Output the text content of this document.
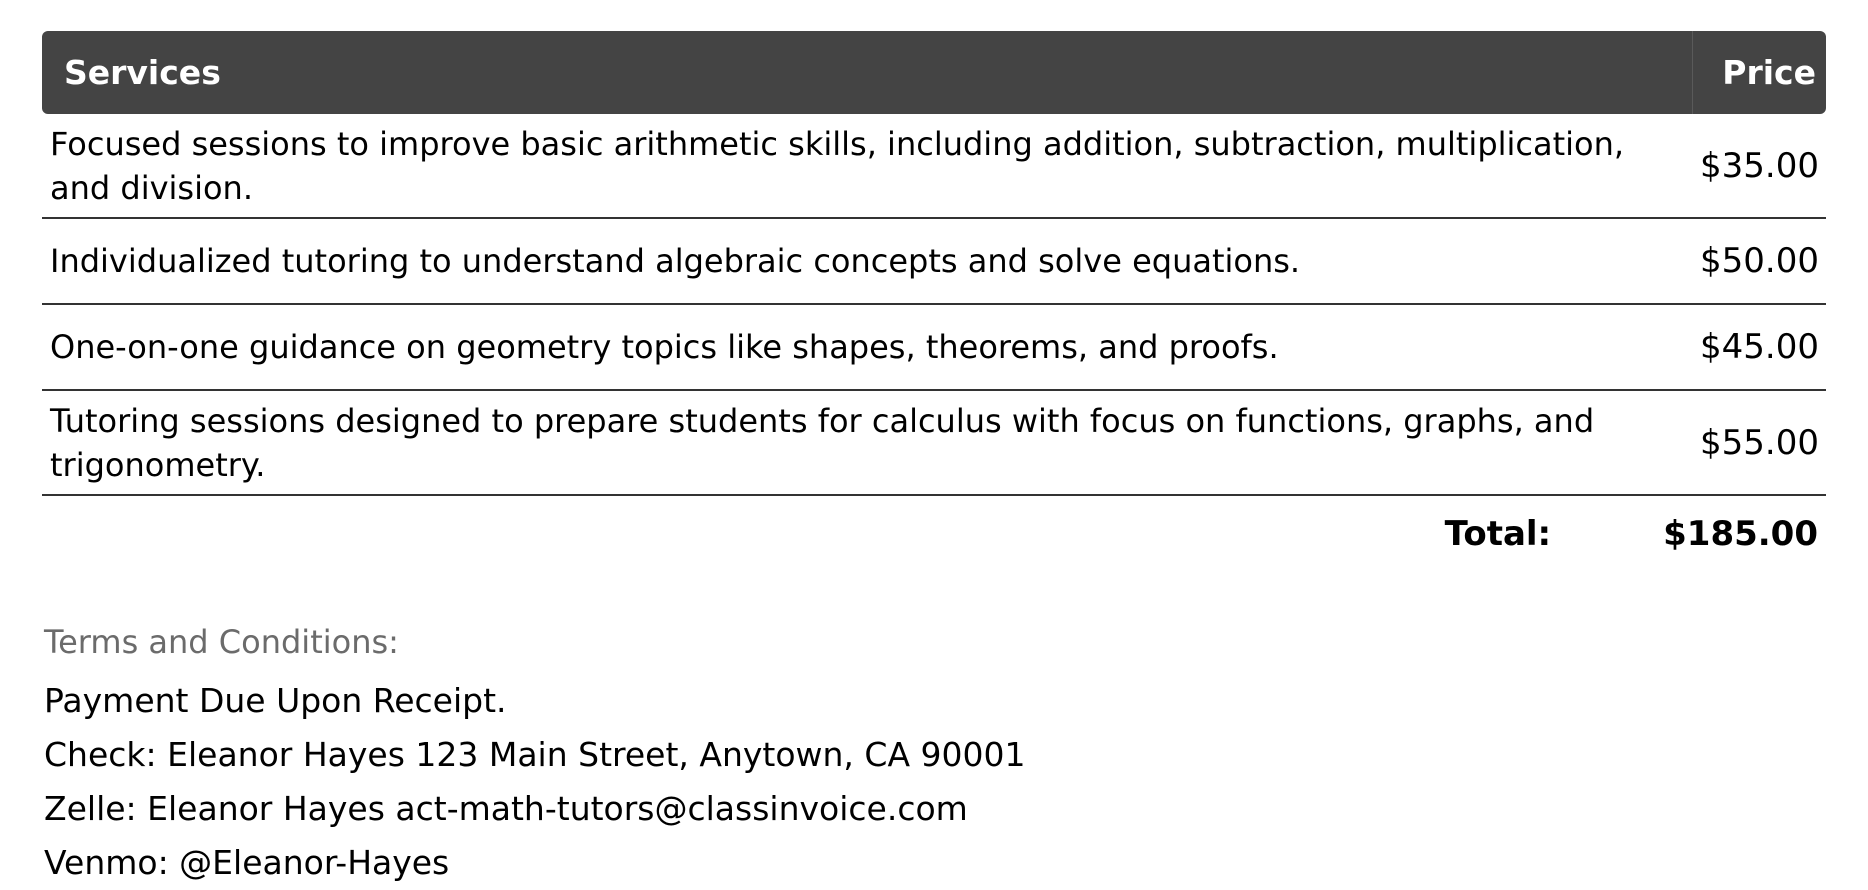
Services	Price
Focused sessions to improve basic arithmetic skills, including addition, subtraction, multiplication, and division.	$35.00
Individualized tutoring to understand algebraic concepts and solve equations.	$50.00
One-on-one guidance on geometry topics like shapes, theorems, and proofs.	$45.00
Tutoring sessions designed to prepare students for calculus with focus on functions, graphs, and trigonometry.	$55.00
Total:	$185.00
Terms and Conditions:
Payment Due Upon Receipt.
Check: Eleanor Hayes 123 Main Street, Anytown, CA 90001
Zelle: Eleanor Hayes act-math-tutors@classinvoice.com
Venmo: @Eleanor-Hayes
